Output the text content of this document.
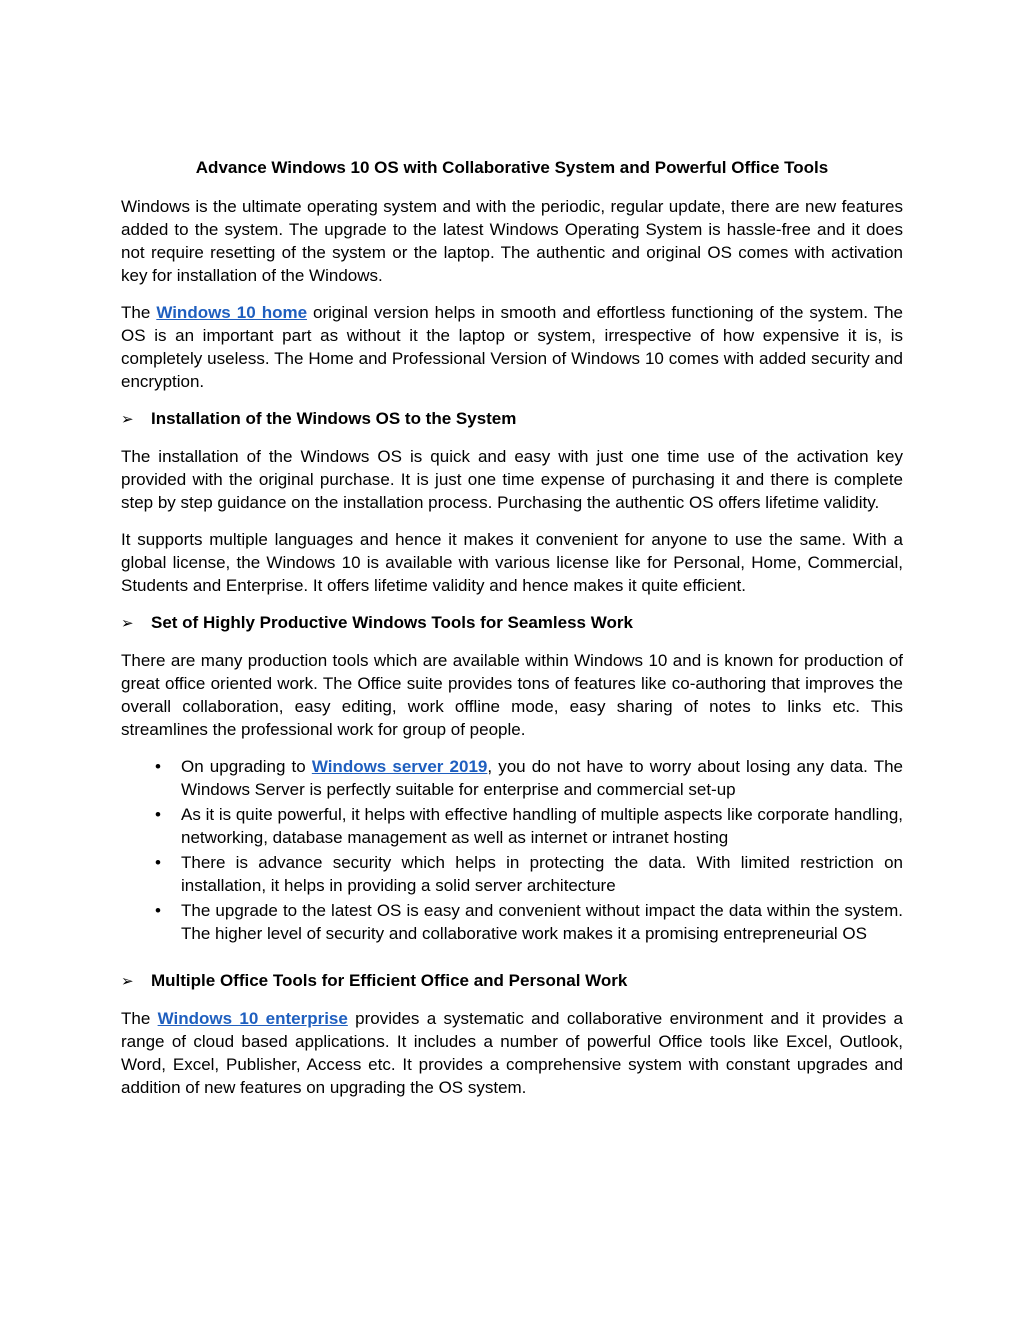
Advance Windows 10 OS with Collaborative System and Powerful Office Tools

Windows is the ultimate operating system and with the periodic, regular update, there are new features added to the system. The upgrade to the latest Windows Operating System is hassle-free and it does not require resetting of the system or the laptop. The authentic and original OS comes with activation key for installation of the Windows.

The Windows 10 home original version helps in smooth and effortless functioning of the system. The OS is an important part as without it the laptop or system, irrespective of how expensive it is, is completely useless. The Home and Professional Version of Windows 10 comes with added security and encryption.

➢	Installation of the Windows OS to the System

The installation of the Windows OS is quick and easy with just one time use of the activation key provided with the original purchase. It is just one time expense of purchasing it and there is complete step by step guidance on the installation process. Purchasing the authentic OS offers lifetime validity.

It supports multiple languages and hence it makes it convenient for anyone to use the same. With a global license, the Windows 10 is available with various license like for Personal, Home, Commercial, Students and Enterprise. It offers lifetime validity and hence makes it quite efficient.

➢	Set of Highly Productive Windows Tools for Seamless Work

There are many production tools which are available within Windows 10 and is known for production of great office oriented work. The Office suite provides tons of features like co-authoring that improves the overall collaboration, easy editing, work offline mode, easy sharing of notes to links etc. This streamlines the professional work for group of people.

• On upgrading to Windows server 2019, you do not have to worry about losing any data. The Windows Server is perfectly suitable for enterprise and commercial set-up
• As it is quite powerful, it helps with effective handling of multiple aspects like corporate handling, networking, database management as well as internet or intranet hosting
• There is advance security which helps in protecting the data. With limited restriction on installation, it helps in providing a solid server architecture
• The upgrade to the latest OS is easy and convenient without impact the data within the system. The higher level of security and collaborative work makes it a promising entrepreneurial OS
➢	Multiple Office Tools for Efficient Office and Personal Work

The Windows 10 enterprise provides a systematic and collaborative environment and it provides a range of cloud based applications. It includes a number of powerful Office tools like Excel, Outlook, Word, Excel, Publisher, Access etc. It provides a comprehensive system with constant upgrades and addition of new features on upgrading the OS system.
